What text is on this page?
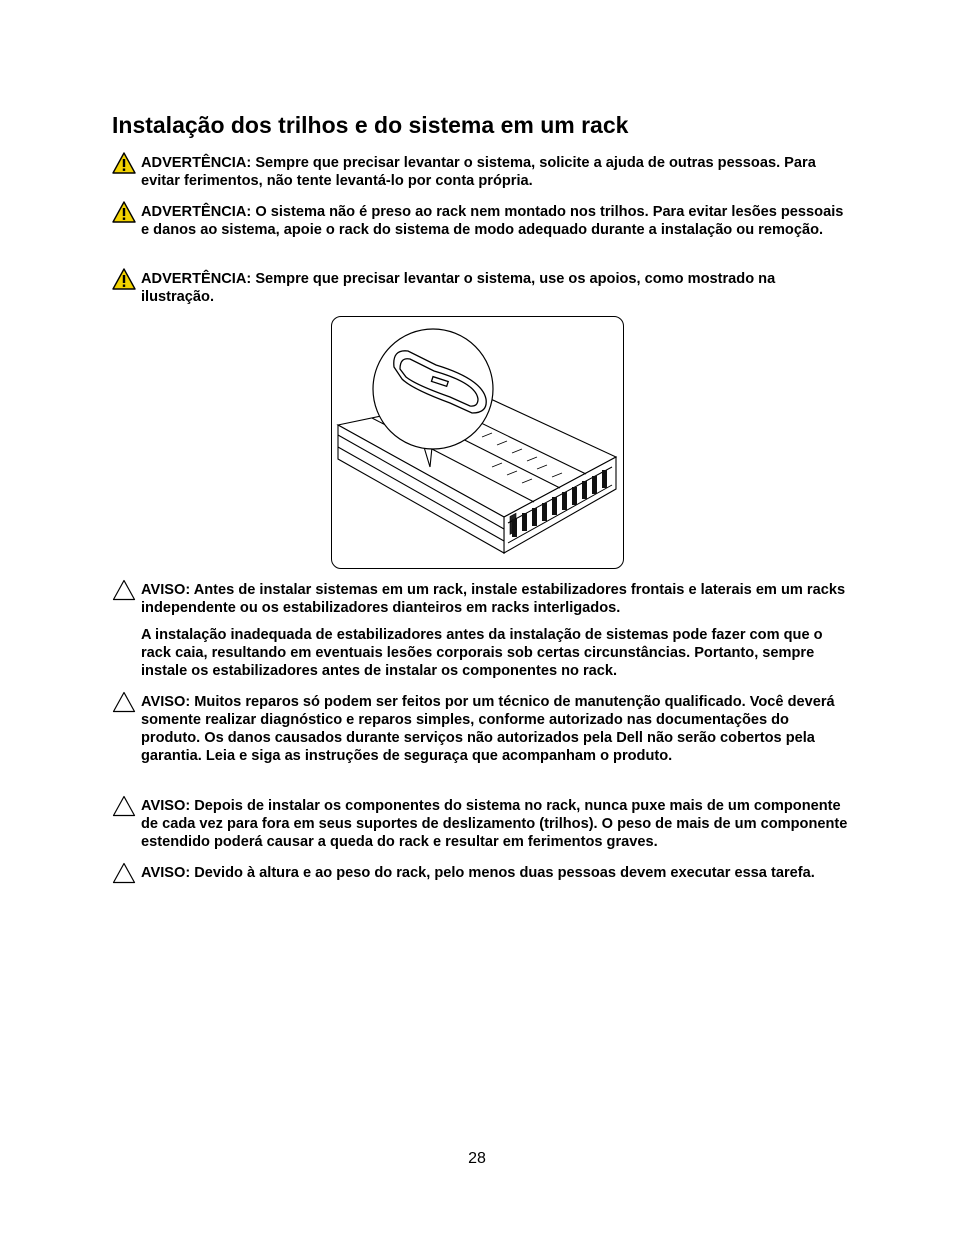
Instalação dos trilhos e do sistema em um rack
ADVERTÊNCIA: Sempre que precisar levantar o sistema, solicite a ajuda de outras pessoas. Para evitar ferimentos, não tente levantá-lo por conta própria.
ADVERTÊNCIA: O sistema não é preso ao rack nem montado nos trilhos. Para evitar lesões pessoais e danos ao sistema, apoie o rack do sistema de modo adequado durante a instalação ou remoção.
ADVERTÊNCIA: Sempre que precisar levantar o sistema, use os apoios, como mostrado na ilustração.
AVISO: Antes de instalar sistemas em um rack, instale estabilizadores frontais e laterais em um racks independente ou os estabilizadores dianteiros em racks interligados.
A instalação inadequada de estabilizadores antes da instalação de sistemas pode fazer com que o rack caia, resultando em eventuais lesões corporais sob certas circunstâncias. Portanto, sempre instale os estabilizadores antes de instalar os componentes no rack.
AVISO: Muitos reparos só podem ser feitos por um técnico de manutenção qualificado. Você deverá somente realizar diagnóstico e reparos simples, conforme autorizado nas documentações do produto. Os danos causados durante serviços não autorizados pela Dell não serão cobertos pela garantia. Leia e siga as instruções de seguraça que acompanham o produto.
AVISO: Depois de instalar os componentes do sistema no rack, nunca puxe mais de um componente de cada vez para fora em seus suportes de deslizamento (trilhos). O peso de mais de um componente estendido poderá causar a queda do rack e resultar em ferimentos graves.
AVISO: Devido à altura e ao peso do rack, pelo menos duas pessoas devem executar essa tarefa.
28
